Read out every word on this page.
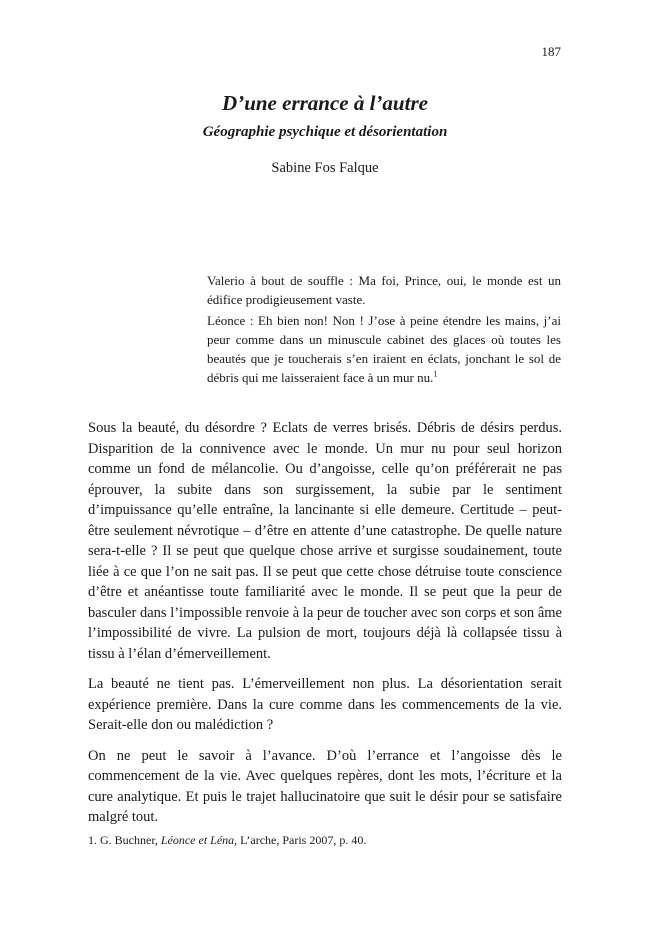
187
D’une errance à l’autre
Géographie psychique et désorientation
Sabine Fos Falque

Valerio à bout de souffle : Ma foi, Prince, oui, le monde est un édifice prodigieusement vaste.

Léonce : Eh bien non! Non ! J’ose à peine étendre les mains, j’ai peur comme dans un minuscule cabinet des glaces où toutes les beautés que je toucherais s’en iraient en éclats, jonchant le sol de débris qui me laisseraient face à un mur nu.$^1$

Sous la beauté, du désordre ? Eclats de verres brisés. Débris de désirs perdus. Disparition de la connivence avec le monde. Un mur nu pour seul horizon comme un fond de mélancolie. Ou d’angoisse, celle qu’on préférerait ne pas éprouver, la subite dans son surgissement, la subie par le sentiment d’impuissance qu’elle entraîne, la lancinante si elle demeure. Certitude – peut-être seulement névrotique – d’être en attente d’une catastrophe. De quelle nature sera-t-elle ? Il se peut que quelque chose arrive et surgisse soudainement, toute liée à ce que l’on ne sait pas. Il se peut que cette chose détruise toute conscience d’être et anéantisse toute familiarité avec le monde. Il se peut que la peur de basculer dans l’impossible renvoie à la peur de toucher avec son corps et son âme l’impossibilité de vivre. La pulsion de mort, toujours déjà là collapsée tissu à tissu à l’élan d’émerveillement.

La beauté ne tient pas. L’émerveillement non plus. La désorientation serait expérience première. Dans la cure comme dans les commencements de la vie. Serait-elle don ou malédiction ?

On ne peut le savoir à l’avance. D’où l’errance et l’angoisse dès le commencement de la vie. Avec quelques repères, dont les mots, l’écriture et la cure analytique. Et puis le trajet hallucinatoire que suit le désir pour se satisfaire malgré tout.

1. G. Buchner, Léonce et Léna, L’arche, Paris 2007, p. 40.
